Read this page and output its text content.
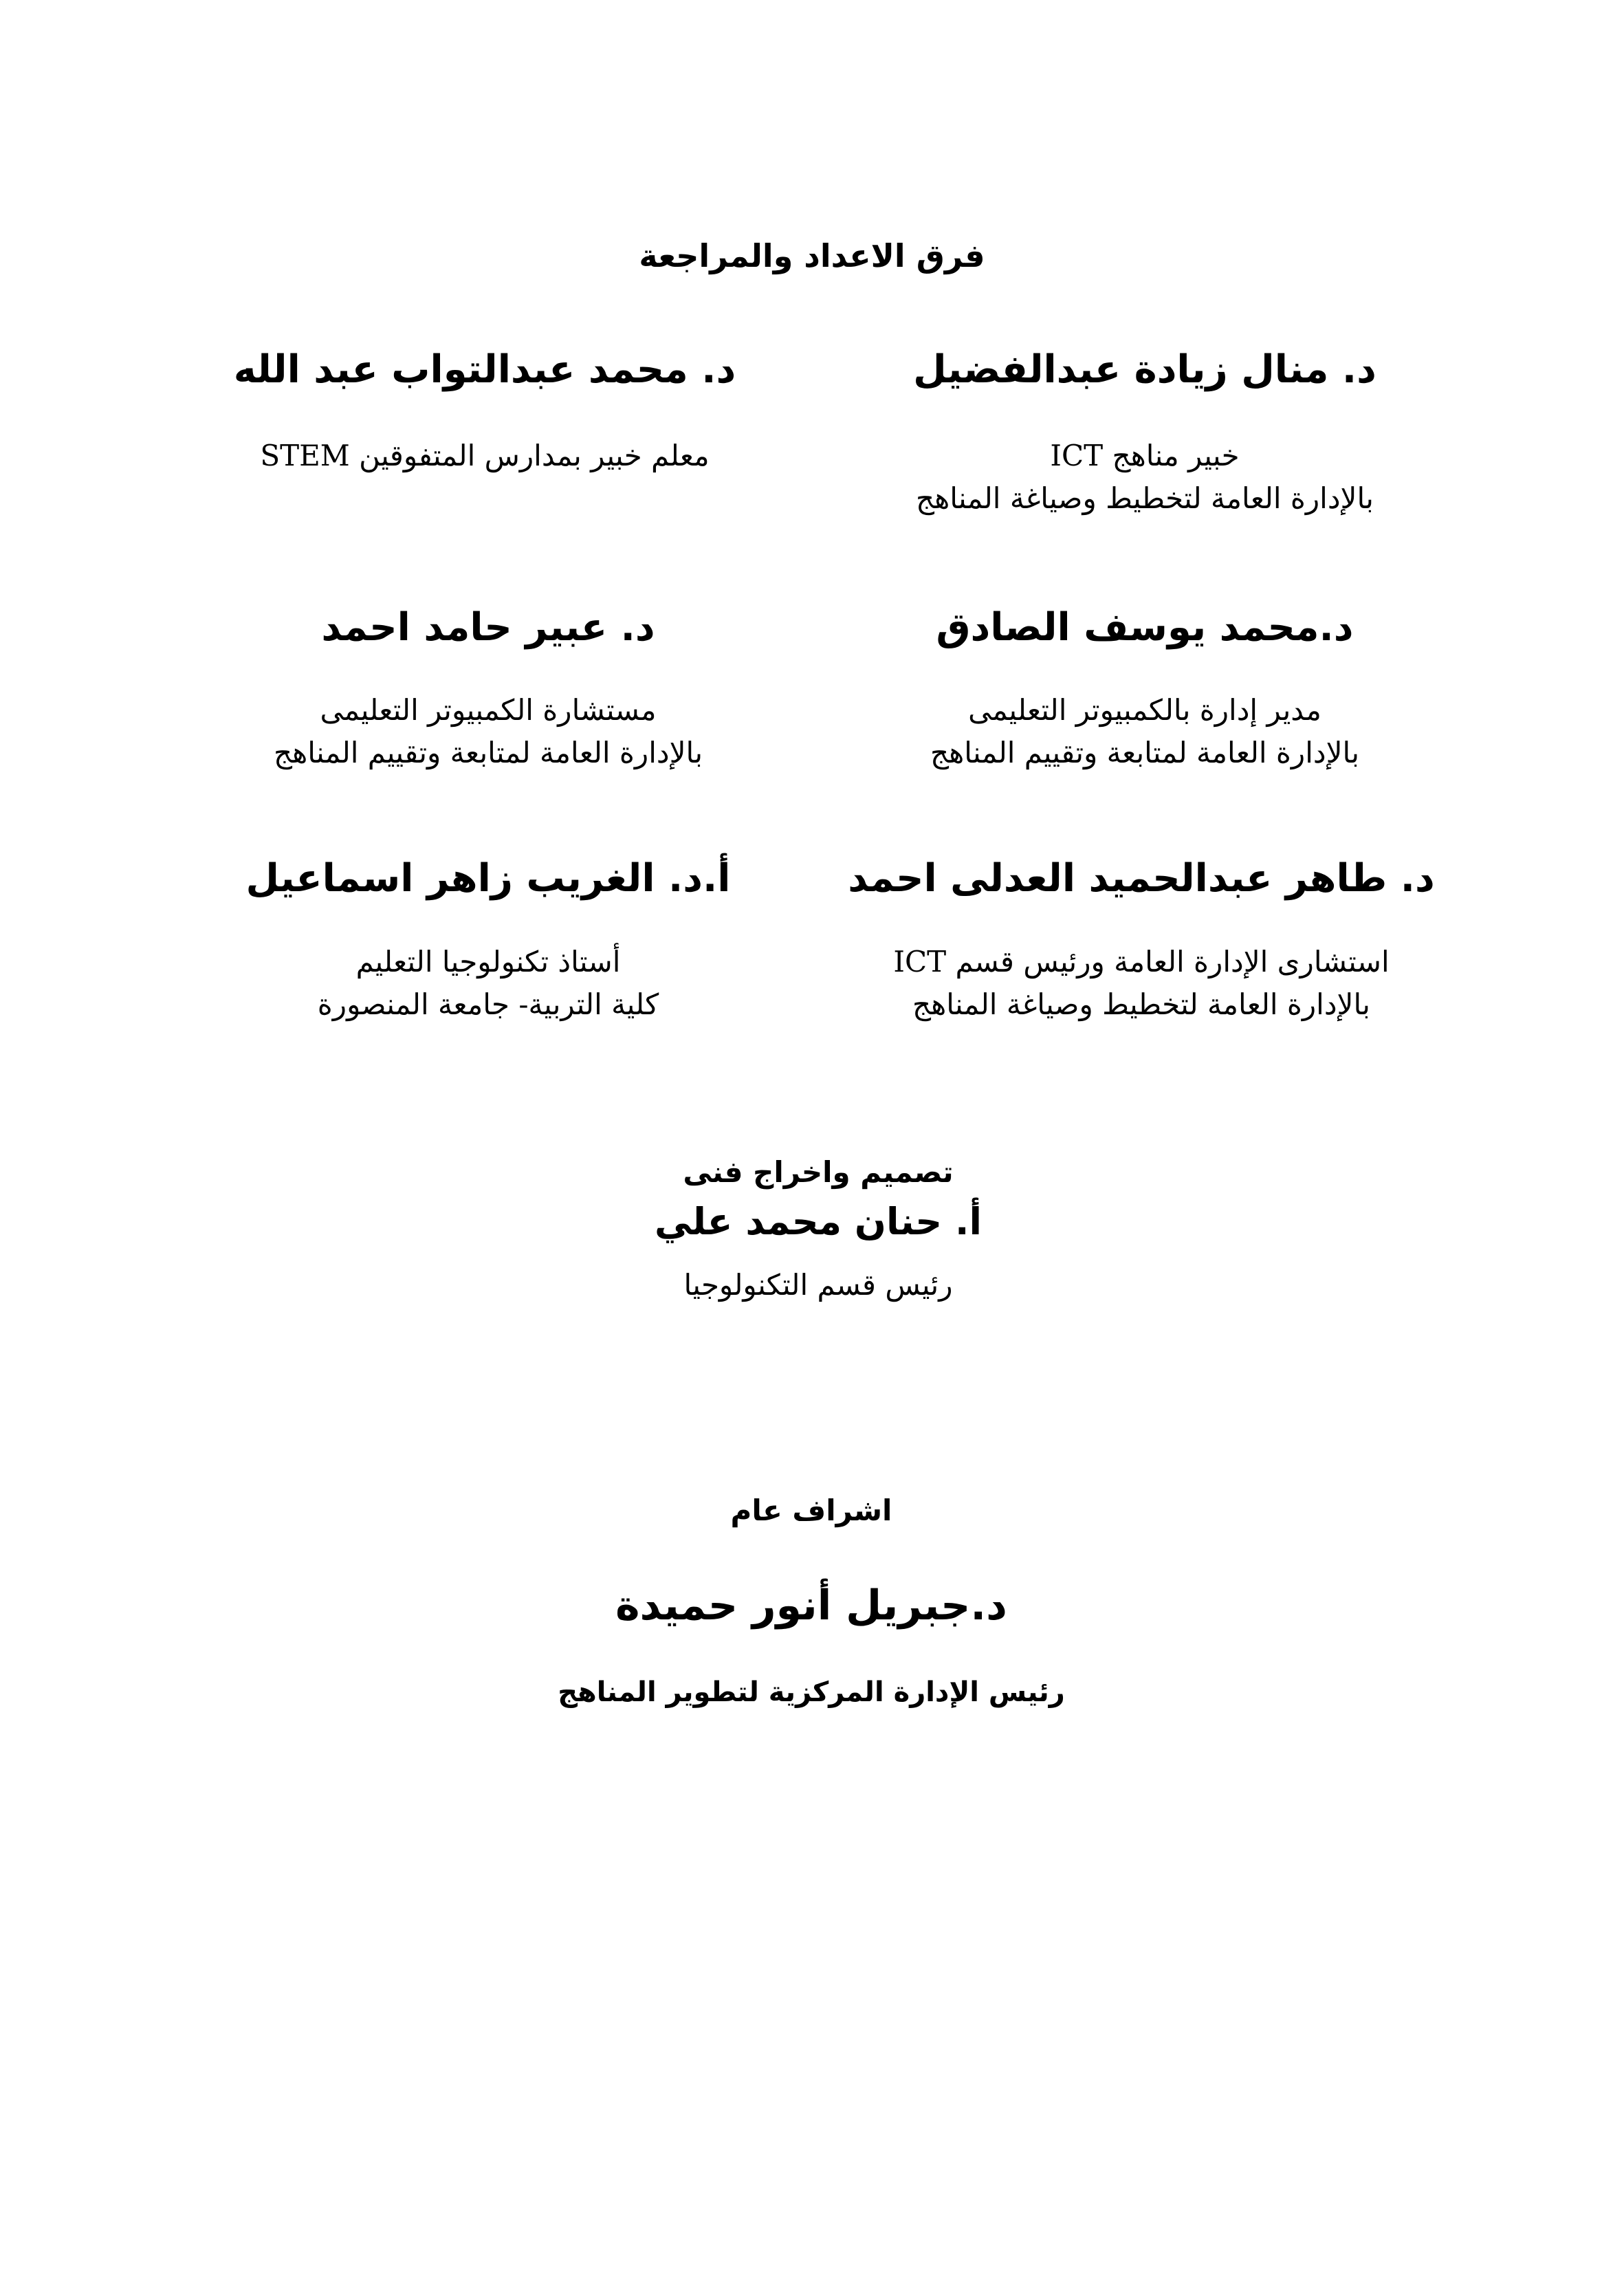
فرق الاعداد والمراجعة
د. منال زيادة عبدالفضيل
خبير مناهج ICT
بالإدارة العامة لتخطيط وصياغة المناهج
د. محمد عبدالتواب عبد الله
معلم خبير بمدارس المتفوقين STEM
د.محمد يوسف الصادق
مدير إدارة بالكمبيوتر التعليمى
بالإدارة العامة لمتابعة وتقييم المناهج
د. عبير حامد احمد
مستشارة الكمبيوتر التعليمى
بالإدارة العامة لمتابعة وتقييم المناهج
د. طاهر عبدالحميد العدلى احمد
استشارى الإدارة العامة ورئيس قسم ICT
بالإدارة العامة لتخطيط وصياغة المناهج
أ.د. الغريب زاهر اسماعيل
أستاذ تكنولوجيا التعليم
كلية التربية- جامعة المنصورة
تصميم واخراج فنى
أ. حنان محمد علي
رئيس قسم التكنولوجيا
اشراف عام
د.جبريل أنور حميدة
رئيس الإدارة المركزية لتطوير المناهج
